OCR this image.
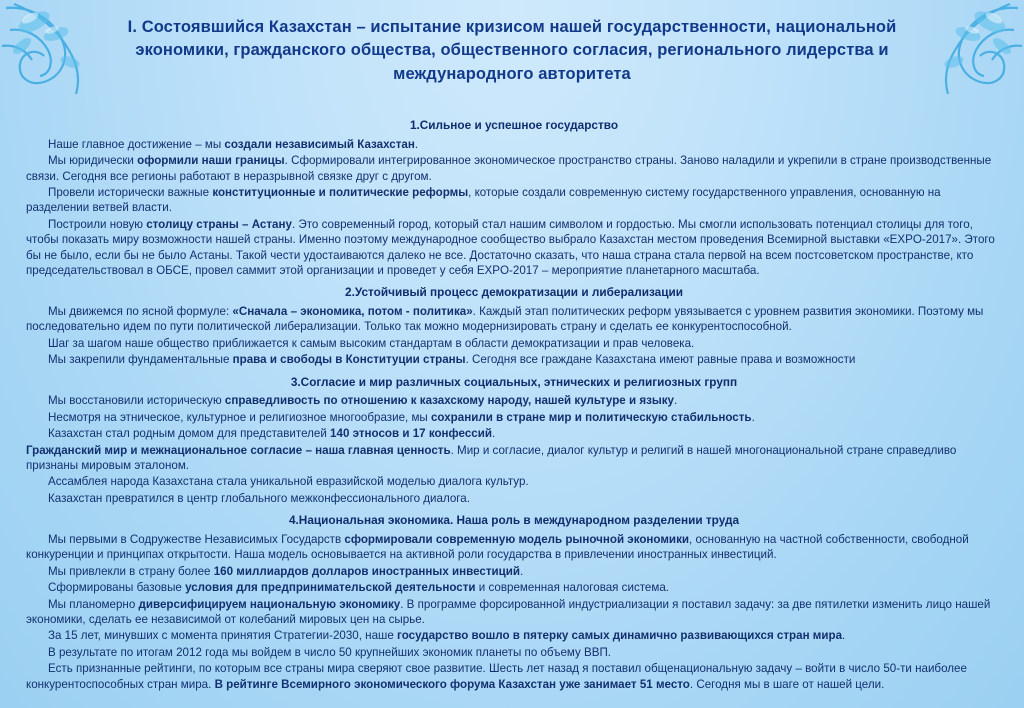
I. Состоявшийся Казахстан – испытание кризисом нашей государственности, национальной экономики, гражданского общества, общественного согласия, регионального лидерства и международного авторитета
1.Сильное и успешное государство

Наше главное достижение – мы создали независимый Казахстан.

Мы юридически оформили наши границы. Сформировали интегрированное экономическое пространство страны. Заново наладили и укрепили в стране производственные связи. Сегодня все регионы работают в неразрывной связке друг с другом.

Провели исторически важные конституционные и политические реформы, которые создали современную систему государственного управления, основанную на разделении ветвей власти.

Построили новую столицу страны – Астану. Это современный город, который стал нашим символом и гордостью. Мы смогли использовать потенциал столицы для того, чтобы показать миру возможности нашей страны. Именно поэтому международное сообщество выбрало Казахстан местом проведения Всемирной выставки «EXPO-2017». Этого бы не было, если бы не было Астаны. Такой чести удостаиваются далеко не все. Достаточно сказать, что наша страна стала первой на всем постсоветском пространстве, кто председательствовал в ОБСЕ, провел саммит этой организации и проведет у себя EXPO-2017 – мероприятие планетарного масштаба.

2.Устойчивый процесс демократизации и либерализации

Мы движемся по ясной формуле: «Сначала – экономика, потом - политика». Каждый этап политических реформ увязывается с уровнем развития экономики. Поэтому мы последовательно идем по пути политической либерализации. Только так можно модернизировать страну и сделать ее конкурентоспособной.

Шаг за шагом наше общество приближается к самым высоким стандартам в области демократизации и прав человека.

Мы закрепили фундаментальные права и свободы в Конституции страны. Сегодня все граждане Казахстана имеют равные права и возможности

3.Согласие и мир различных социальных, этнических и религиозных групп

Мы восстановили историческую справедливость по отношению к казахскому народу, нашей культуре и языку.

Несмотря на этническое, культурное и религиозное многообразие, мы сохранили в стране мир и политическую стабильность.

Казахстан стал родным домом для представителей 140 этносов и 17 конфессий.

Гражданский мир и межнациональное согласие – наша главная ценность. Мир и согласие, диалог культур и религий в нашей многонациональной стране справедливо признаны мировым эталоном.

Ассамблея народа Казахстана стала уникальной евразийской моделью диалога культур.

Казахстан превратился в центр глобального межконфессионального диалога.

4.Национальная экономика. Наша роль в международном разделении труда

Мы первыми в Содружестве Независимых Государств сформировали современную модель рыночной экономики, основанную на частной собственности, свободной конкуренции и принципах открытости. Наша модель основывается на активной роли государства в привлечении иностранных инвестиций.

Мы привлекли в страну более 160 миллиардов долларов иностранных инвестиций.

Сформированы базовые условия для предпринимательской деятельности и современная налоговая система.

Мы планомерно диверсифицируем национальную экономику. В программе форсированной индустриализации я поставил задачу: за две пятилетки изменить лицо нашей экономики, сделать ее независимой от колебаний мировых цен на сырье.

За 15 лет, минувших с момента принятия Стратегии-2030, наше государство вошло в пятерку самых динамично развивающихся стран мира.

В результате по итогам 2012 года мы войдем в число 50 крупнейших экономик планеты по объему ВВП.

Есть признанные рейтинги, по которым все страны мира сверяют свое развитие. Шесть лет назад я поставил общенациональную задачу – войти в число 50-ти наиболее конкурентоспособных стран мира. В рейтинге Всемирного экономического форума Казахстан уже занимает 51 место. Сегодня мы в шаге от нашей цели.
